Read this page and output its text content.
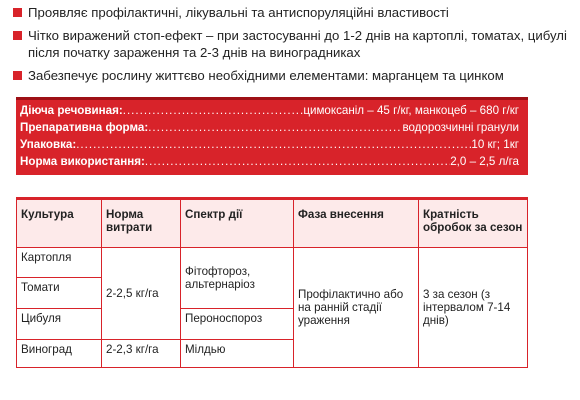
Проявляє профілактичні, лікувальні та антиспоруляційні властивості
Чітко виражений стоп-ефект – при застосуванні до 1-2 днів на картоплі, томатах, цибулі після початку зараження та 2-3 днів на виноградниках
Забезпечує рослину життєво необхідними елементами: марганцем та цинком
Діюча речовиная: .....	цимоксаніл – 45 г/кг, манкоцеб – 680 г/кг
Препаративна форма: .....	водорозчинні гранули
Упаковка: .....	10 кг; 1кг
Норма використання: .....	2,0 – 2,5 л/га
Культура	Норма витрати	Спектр дії	Фаза внесення	Кратність обробок за сезон
Картопля	2-2,5 кг/га	Фітофтороз, альтернаріоз	Профілактично або на ранній стадії ураження	3 за сезон (з інтервалом 7-14 днів)
Томати				
Цибуля		Пероноспороз		
Виноград	2-2,3 кг/га	Мілдью		
